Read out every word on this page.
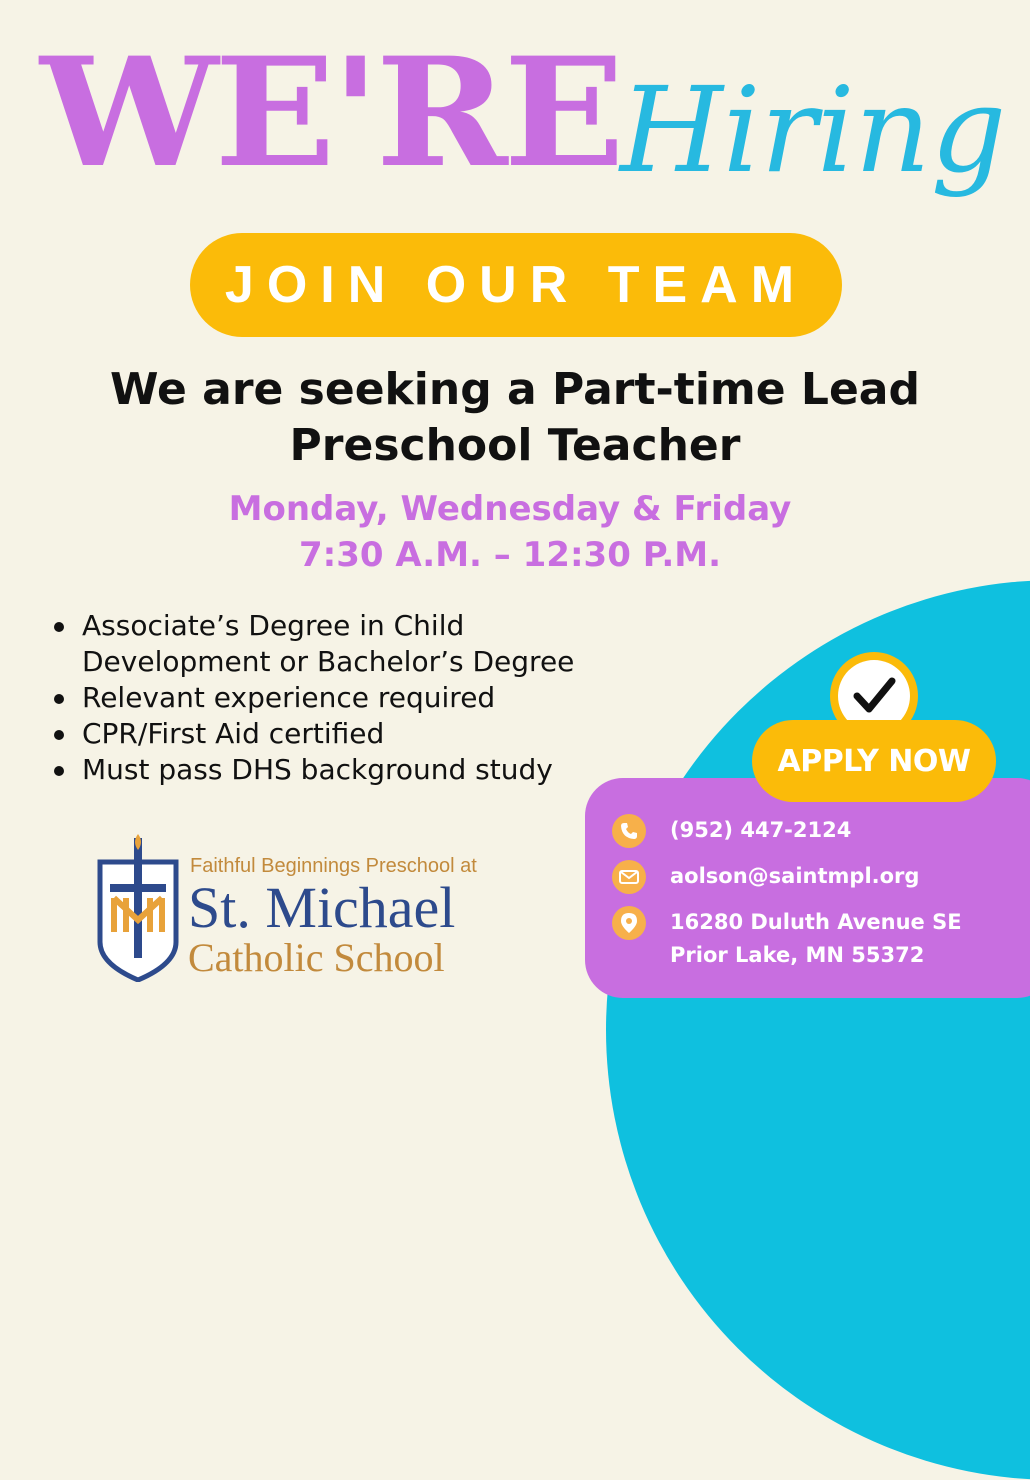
WE'RE Hiring
JOIN OUR TEAM
We are seeking a Part-time Lead
Preschool Teacher
Monday, Wednesday & Friday
7:30 A.M. – 12:30 P.M.
Associate’s Degree in Child
Development or Bachelor’s Degree
Relevant experience required
CPR/First Aid certified
Must pass DHS background study
Faithful Beginnings Preschool at
St. Michael
Catholic School
APPLY NOW
(952) 447-2124
aolson@saintmpl.org
16280 Duluth Avenue SE
Prior Lake, MN 55372
